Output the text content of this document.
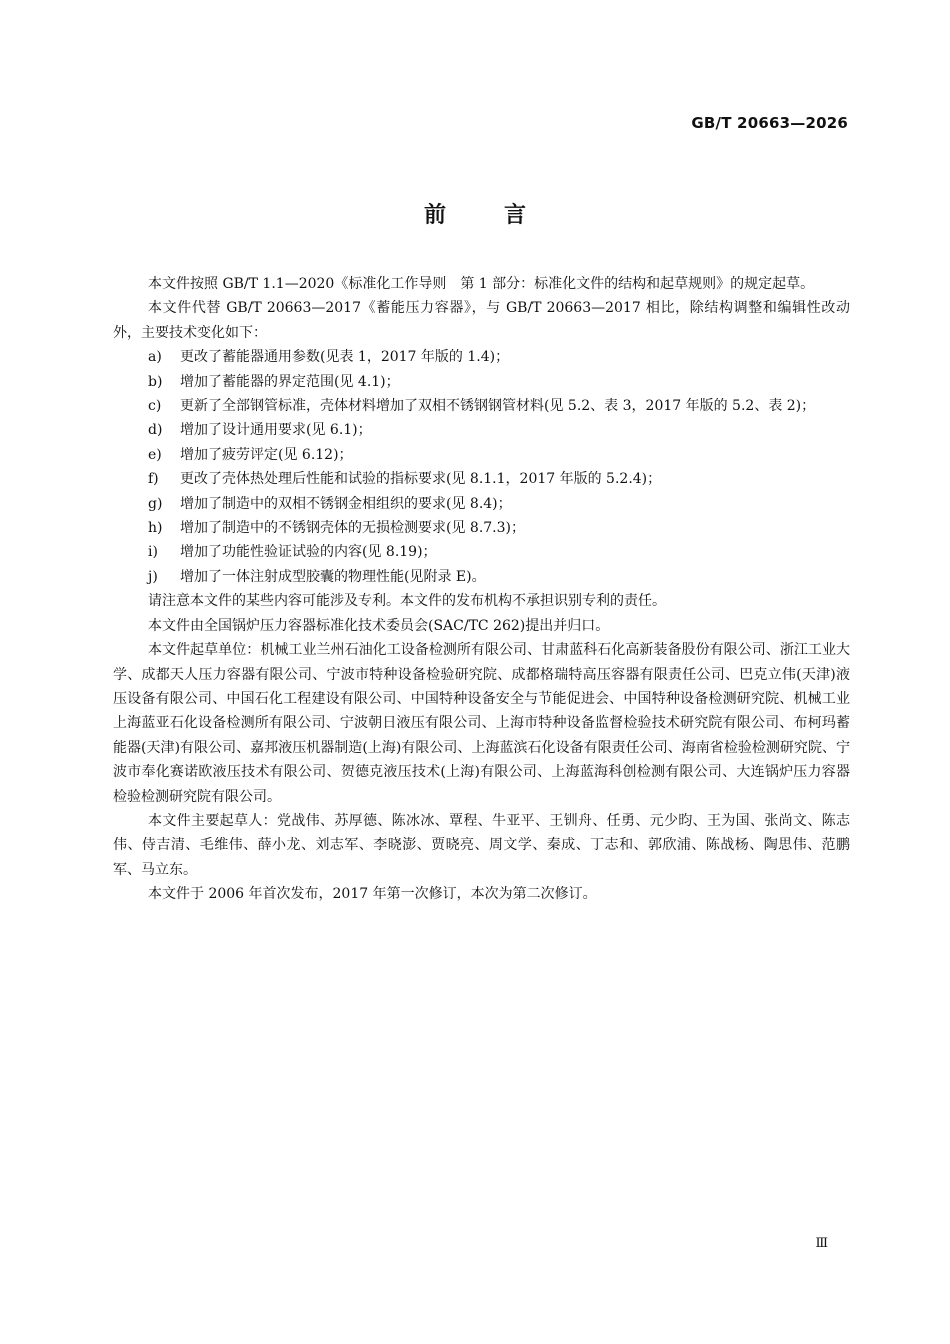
GB/T 20663—2026
前言

本文件按照 GB/T 1.1—2020《标准化工作导则　第 1 部分：标准化文件的结构和起草规则》的规定起草。

本文件代替 GB/T 20663—2017《蓄能压力容器》，与 GB/T 20663—2017 相比，除结构调整和编辑性改动外，主要技术变化如下：

a)	更改了蓄能器通用参数(见表 1，2017 年版的 1.4)；
b)	增加了蓄能器的界定范围(见 4.1)；
c)	更新了全部钢管标准，壳体材料增加了双相不锈钢钢管材料(见 5.2、表 3，2017 年版的 5.2、表 2)；
d)	增加了设计通用要求(见 6.1)；
e)	增加了疲劳评定(见 6.12)；
f)	更改了壳体热处理后性能和试验的指标要求(见 8.1.1，2017 年版的 5.2.4)；
g)	增加了制造中的双相不锈钢金相组织的要求(见 8.4)；
h)	增加了制造中的不锈钢壳体的无损检测要求(见 8.7.3)；
i)	增加了功能性验证试验的内容(见 8.19)；
j)	增加了一体注射成型胶囊的物理性能(见附录 E)。

请注意本文件的某些内容可能涉及专利。本文件的发布机构不承担识别专利的责任。

本文件由全国锅炉压力容器标准化技术委员会(SAC/TC 262)提出并归口。

本文件起草单位：机械工业兰州石油化工设备检测所有限公司、甘肃蓝科石化高新装备股份有限公司、浙江工业大学、成都天人压力容器有限公司、宁波市特种设备检验研究院、成都格瑞特高压容器有限责任公司、巴克立伟(天津)液压设备有限公司、中国石化工程建设有限公司、中国特种设备安全与节能促进会、中国特种设备检测研究院、机械工业上海蓝亚石化设备检测所有限公司、宁波朝日液压有限公司、上海市特种设备监督检验技术研究院有限公司、布柯玛蓄能器(天津)有限公司、嘉邦液压机器制造(上海)有限公司、上海蓝滨石化设备有限责任公司、海南省检验检测研究院、宁波市奉化赛诺欧液压技术有限公司、贺德克液压技术(上海)有限公司、上海蓝海科创检测有限公司、大连锅炉压力容器检验检测研究院有限公司。

本文件主要起草人：党战伟、苏厚德、陈冰冰、覃程、牛亚平、王钏舟、任勇、元少昀、王为国、张尚文、陈志伟、侍吉清、毛维伟、薛小龙、刘志军、李晓澎、贾晓亮、周文学、秦成、丁志和、郭欣浦、陈战杨、陶思伟、范鹏军、马立东。

本文件于 2006 年首次发布，2017 年第一次修订，本次为第二次修订。

Ⅲ
